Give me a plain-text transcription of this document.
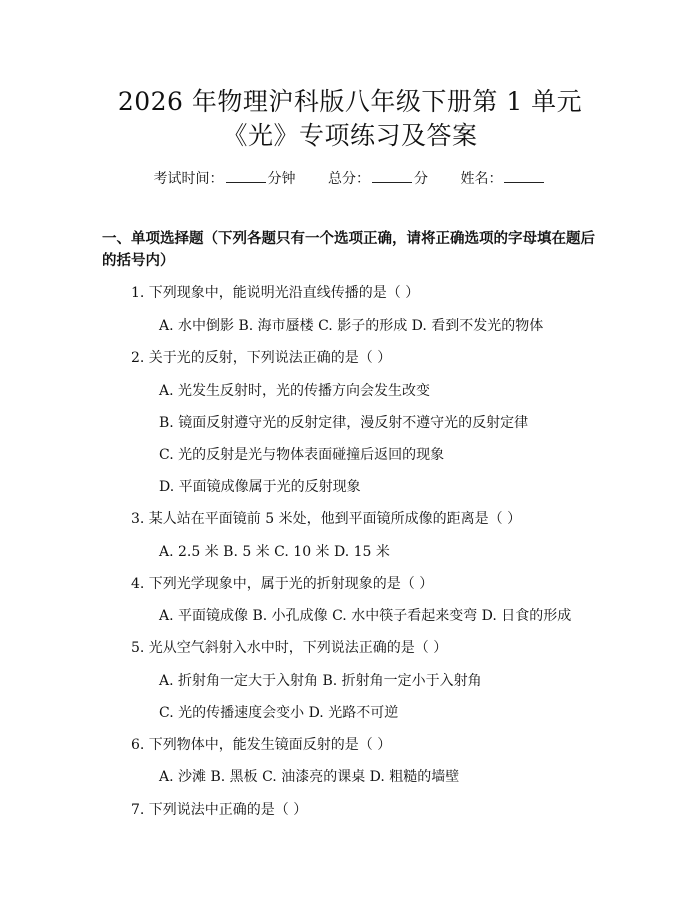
2026 年物理沪科版八年级下册第 1 单元
《光》专项练习及答案
考试时间：	分钟 总分：	分 姓名：
一、单项选择题（下列各题只有一个选项正确，请将正确选项的字母填在题后的括号内）
1. 下列现象中，能说明光沿直线传播的是（ ）
A. 水中倒影 B. 海市蜃楼 C. 影子的形成 D. 看到不发光的物体
2. 关于光的反射，下列说法正确的是（ ）
A. 光发生反射时，光的传播方向会发生改变
B. 镜面反射遵守光的反射定律，漫反射不遵守光的反射定律
C. 光的反射是光与物体表面碰撞后返回的现象
D. 平面镜成像属于光的反射现象
3. 某人站在平面镜前 5 米处，他到平面镜所成像的距离是（ ）
A. 2.5 米 B. 5 米 C. 10 米 D. 15 米
4. 下列光学现象中，属于光的折射现象的是（ ）
A. 平面镜成像 B. 小孔成像 C. 水中筷子看起来变弯 D. 日食的形成
5. 光从空气斜射入水中时，下列说法正确的是（ ）
A. 折射角一定大于入射角 B. 折射角一定小于入射角
C. 光的传播速度会变小 D. 光路不可逆
6. 下列物体中，能发生镜面反射的是（ ）
A. 沙滩 B. 黑板 C. 油漆亮的课桌 D. 粗糙的墙壁
7. 下列说法中正确的是（ ）
